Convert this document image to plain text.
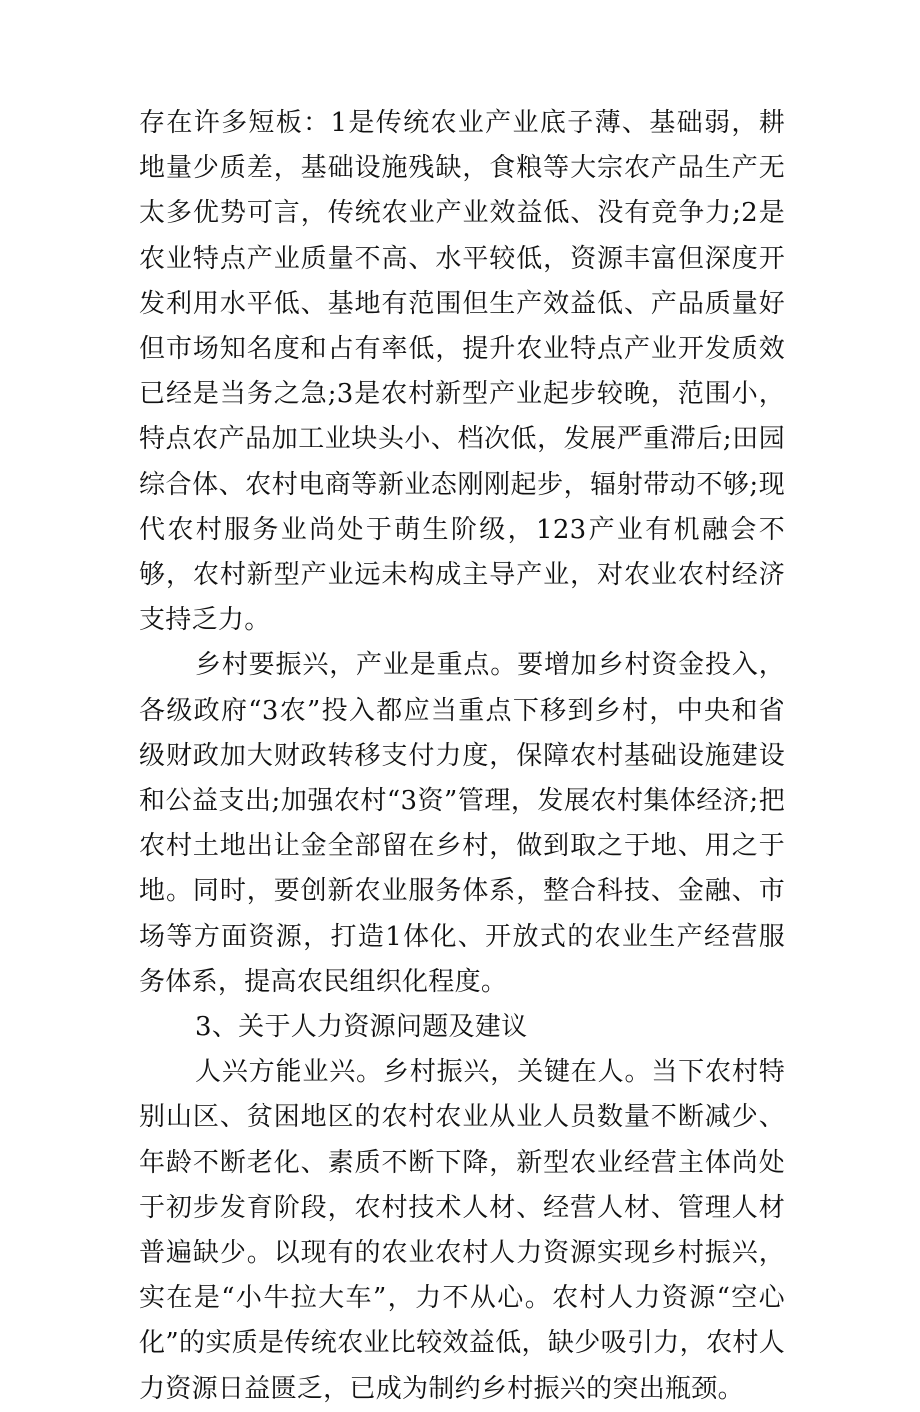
存在许多短板：1是传统农业产业底子薄、基础弱，耕地量少质差，基础设施残缺，食粮等大宗农产品生产无太多优势可言，传统农业产业效益低、没有竞争力;2是农业特点产业质量不高、水平较低，资源丰富但深度开发利用水平低、基地有范围但生产效益低、产品质量好但市场知名度和占有率低，提升农业特点产业开发质效已经是当务之急;3是农村新型产业起步较晚，范围小，特点农产品加工业块头小、档次低，发展严重滞后;田园综合体、农村电商等新业态刚刚起步，辐射带动不够;现代农村服务业尚处于萌生阶级，123产业有机融会不够，农村新型产业远未构成主导产业，对农业农村经济支持乏力。

乡村要振兴，产业是重点。要增加乡村资金投入，各级政府“3农”投入都应当重点下移到乡村，中央和省级财政加大财政转移支付力度，保障农村基础设施建设和公益支出;加强农村“3资”管理，发展农村集体经济;把农村土地出让金全部留在乡村，做到取之于地、用之于地。同时，要创新农业服务体系，整合科技、金融、市场等方面资源，打造1体化、开放式的农业生产经营服务体系，提高农民组织化程度。

3、关于人力资源问题及建议

人兴方能业兴。乡村振兴，关键在人。当下农村特别山区、贫困地区的农村农业从业人员数量不断减少、年龄不断老化、素质不断下降，新型农业经营主体尚处于初步发育阶段，农村技术人材、经营人材、管理人材普遍缺少。以现有的农业农村人力资源实现乡村振兴，实在是“小牛拉大车”，力不从心。农村人力资源“空心化”的实质是传统农业比较效益低，缺少吸引力，农村人力资源日益匮乏，已成为制约乡村振兴的突出瓶颈。
